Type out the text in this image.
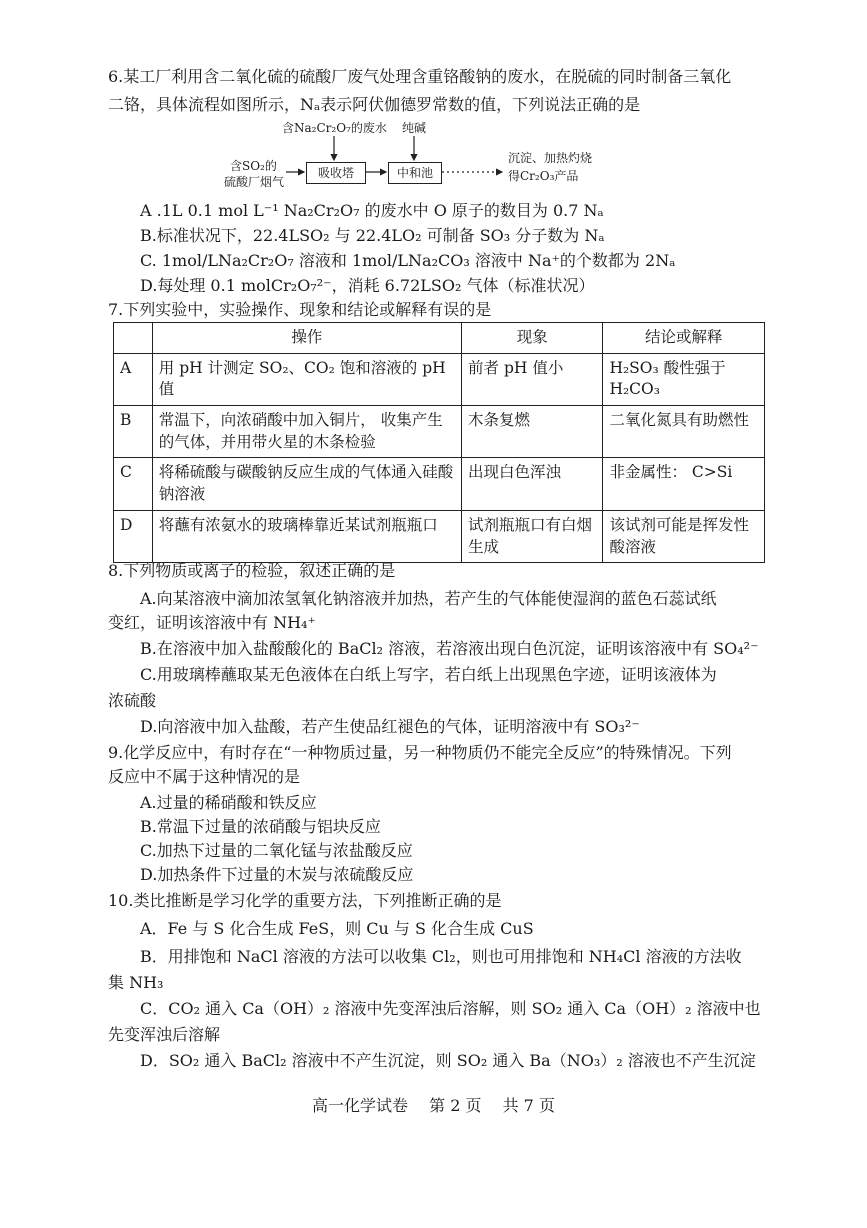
6.某工厂利用含二氧化硫的硫酸厂废气处理含重铬酸钠的废水，在脱硫的同时制备三氧化
二铬，具体流程如图所示，Nₐ表示阿伏伽德罗常数的值，下列说法正确的是
含Na₂Cr₂O₇的废水 纯碱
含SO₂的
硫酸厂烟气
吸收塔	中和池
沉淀、加热灼烧
得Cr₂O₃产品
A .1L 0.1 mol L⁻¹ Na₂Cr₂O₇ 的废水中 O 原子的数目为 0.7 Nₐ
B.标准状况下，22.4LSO₂ 与 22.4LO₂ 可制备 SO₃ 分子数为 Nₐ
C. 1mol/LNa₂Cr₂O₇ 溶液和 1mol/LNa₂CO₃ 溶液中 Na⁺的个数都为 2Nₐ
D.每处理 0.1 molCr₂O₇²⁻，消耗 6.72LSO₂ 气体（标准状况）
7.下列实验中，实验操作、现象和结论或解释有误的是
	操作	现象	结论或解释
A	用 pH 计测定 SO₂、CO₂ 饱和溶液的 pH 值	前者 pH 值小	H₂SO₃ 酸性强于 H₂CO₃
B	常温下，向浓硝酸中加入铜片， 收集产生的气体，并用带火星的木条检验	木条复燃	二氧化氮具有助燃性
C	将稀硫酸与碳酸钠反应生成的气体通入硅酸钠溶液	出现白色浑浊	非金属性： C>Si
D	将蘸有浓氨水的玻璃棒靠近某试剂瓶瓶口	试剂瓶瓶口有白烟生成	该试剂可能是挥发性酸溶液
8.下列物质或离子的检验，叙述正确的是
A.向某溶液中滴加浓氢氧化钠溶液并加热，若产生的气体能使湿润的蓝色石蕊试纸
变红，证明该溶液中有 NH₄⁺
B.在溶液中加入盐酸酸化的 BaCl₂ 溶液，若溶液出现白色沉淀，证明该溶液中有 SO₄²⁻
C.用玻璃棒蘸取某无色液体在白纸上写字，若白纸上出现黑色字迹，证明该液体为
浓硫酸
D.向溶液中加入盐酸，若产生使品红褪色的气体，证明溶液中有 SO₃²⁻
9.化学反应中，有时存在“一种物质过量，另一种物质仍不能完全反应”的特殊情况。下列
反应中不属于这种情况的是
A.过量的稀硝酸和铁反应
B.常温下过量的浓硝酸与铝块反应
C.加热下过量的二氧化锰与浓盐酸反应
D.加热条件下过量的木炭与浓硫酸反应
10.类比推断是学习化学的重要方法，下列推断正确的是
A．Fe 与 S 化合生成 FeS，则 Cu 与 S 化合生成 CuS
B．用排饱和 NaCl 溶液的方法可以收集 Cl₂，则也可用排饱和 NH₄Cl 溶液的方法收
集 NH₃
C．CO₂ 通入 Ca（OH）₂ 溶液中先变浑浊后溶解，则 SO₂ 通入 Ca（OH）₂ 溶液中也
先变浑浊后溶解
D．SO₂ 通入 BaCl₂ 溶液中不产生沉淀，则 SO₂ 通入 Ba（NO₃）₂ 溶液也不产生沉淀
高一化学试卷 第 2 页 共 7 页
